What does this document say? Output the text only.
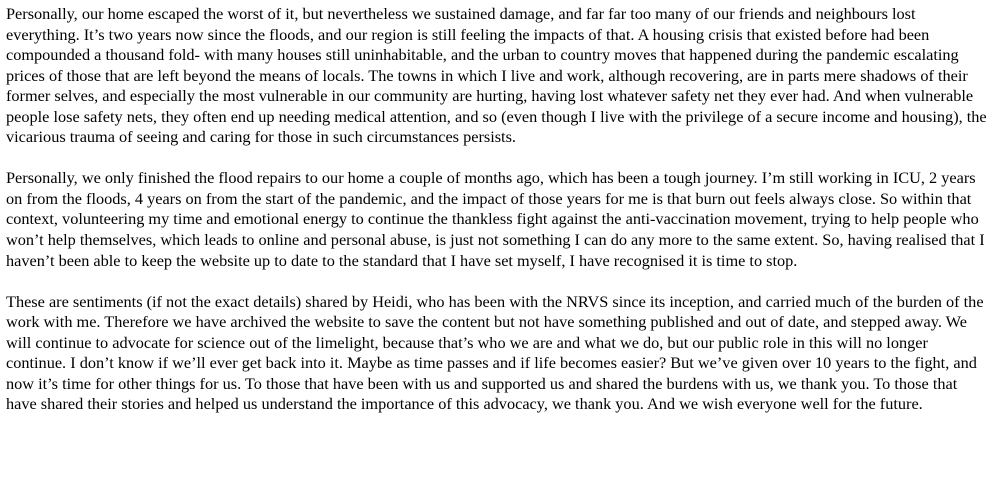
Personally, our home escaped the worst of it, but nevertheless we sustained damage, and far far too many of our friends and neighbours lost everything. It’s two years now since the floods, and our region is still feeling the impacts of that. A housing crisis that existed before had been compounded a thousand fold- with many houses still uninhabitable, and the urban to country moves that happened during the pandemic escalating prices of those that are left beyond the means of locals. The towns in which I live and work, although recovering, are in parts mere shadows of their former selves, and especially the most vulnerable in our community are hurting, having lost whatever safety net they ever had. And when vulnerable people lose safety nets, they often end up needing medical attention, and so (even though I live with the privilege of a secure income and housing), the vicarious trauma of seeing and caring for those in such circumstances persists.

Personally, we only finished the flood repairs to our home a couple of months ago, which has been a tough journey. I’m still working in ICU, 2 years on from the floods, 4 years on from the start of the pandemic, and the impact of those years for me is that burn out feels always close. So within that context, volunteering my time and emotional energy to continue the thankless fight against the anti-vaccination movement, trying to help people who won’t help themselves, which leads to online and personal abuse, is just not something I can do any more to the same extent. So, having realised that I haven’t been able to keep the website up to date to the standard that I have set myself, I have recognised it is time to stop.

These are sentiments (if not the exact details) shared by Heidi, who has been with the NRVS since its inception, and carried much of the burden of the work with me. Therefore we have archived the website to save the content but not have something published and out of date, and stepped away. We will continue to advocate for science out of the limelight, because that’s who we are and what we do, but our public role in this will no longer continue. I don’t know if we’ll ever get back into it. Maybe as time passes and if life becomes easier? But we’ve given over 10 years to the fight, and now it’s time for other things for us. To those that have been with us and supported us and shared the burdens with us, we thank you. To those that have shared their stories and helped us understand the importance of this advocacy, we thank you. And we wish everyone well for the future.
